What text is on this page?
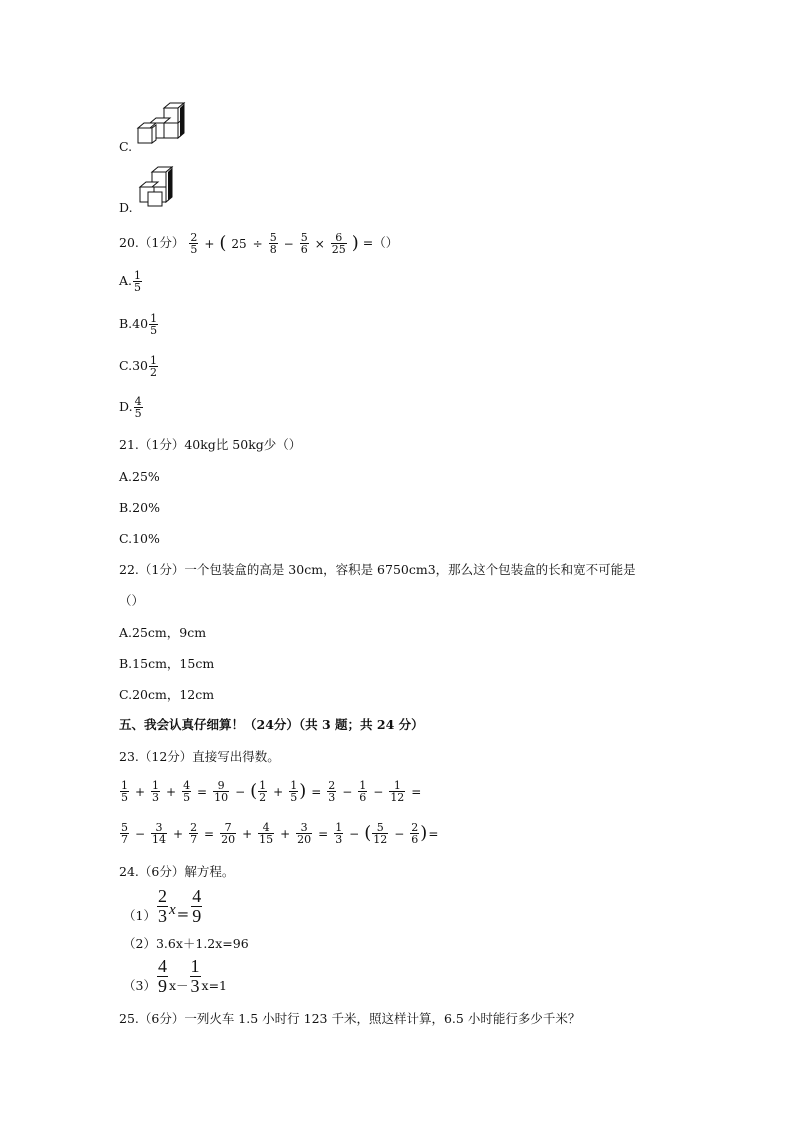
C.
D.
20.（1分） $\frac{2}{5}$ + ( $25 \div \frac{5}{8} - \frac{5}{6} \times \frac{6}{25}$ ) =（）
A. $\frac{1}{5}$
$B.40 \frac{1}{5}$
$C.30 \frac{1}{2}$
D. $\frac{4}{5}$
21.（1分）40kg比 50kg少（）
A.25%
B.20%
C.10%
22.（1分）一个包装盒的高是 30cm，容积是 6750cm3，那么这个包装盒的长和宽不可能是
（）
A.25cm，9cm
B.15cm，15cm
C.20cm，12cm
五、我会认真仔细算！（24分）（共 3 题；共 24 分）
23.（12分）直接写出得数。
$\frac{1}{5} + \frac{1}{3} + \frac{4}{5} = \frac{9}{10}$ − ( $\frac{1}{2} + \frac{1}{5}$ ) = $\frac{2}{3} - \frac{1}{6} - \frac{1}{12}$ =
$\frac{5}{7} - \frac{3}{14} + \frac{2}{7} = \frac{7}{20} + \frac{4}{15} + \frac{3}{20} = \frac{1}{3}$ − ( $\frac{5}{12} - \frac{2}{6}$ )=
24.（6分）解方程。
$(1) \frac{2}{3}$ $x = \frac{4}{9}$
（2）3.6x＋1.2x=96
$(3) \frac{4}{9} x- \frac{1}{3} x=1$
25.（6分）一列火车 1.5 小时行 123 千米，照这样计算，6.5 小时能行多少千米？
